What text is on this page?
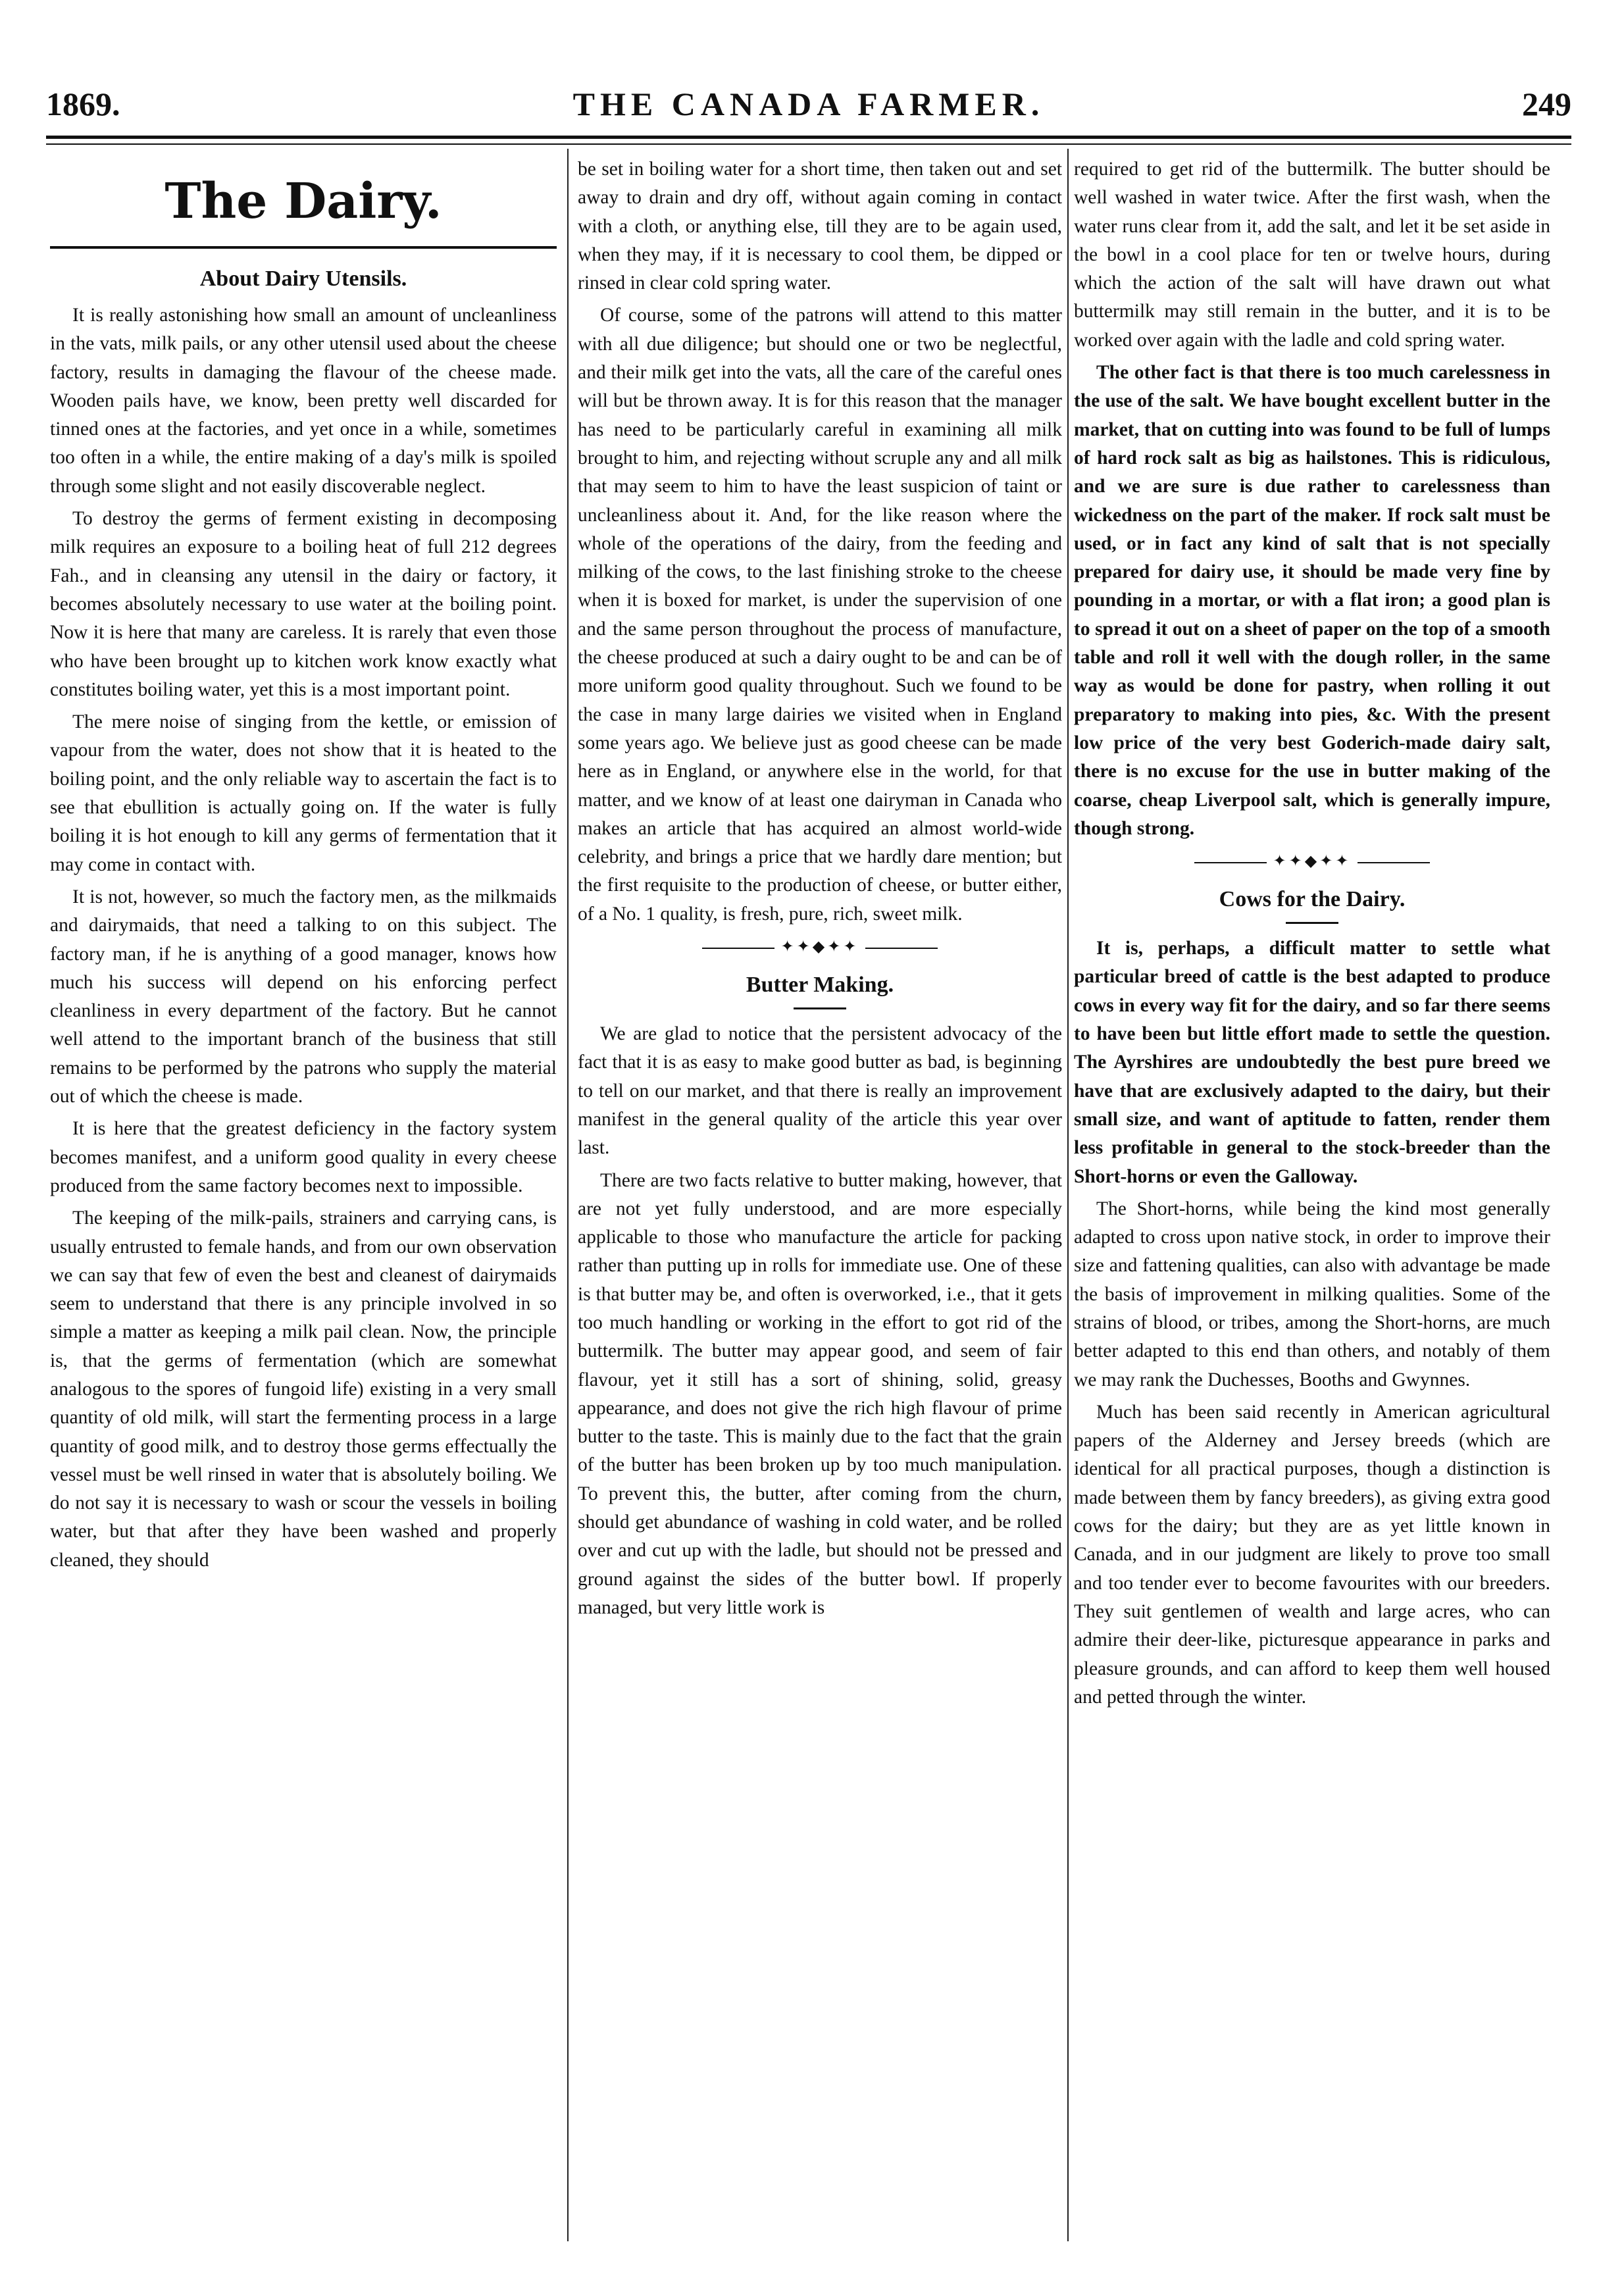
1869.	THE CANADA FARMER.	249
The Dairy.
About Dairy Utensils.

It is really astonishing how small an amount of uncleanliness in the vats, milk pails, or any other utensil used about the cheese factory, results in damaging the flavour of the cheese made. Wooden pails have, we know, been pretty well discarded for tinned ones at the factories, and yet once in a while, sometimes too often in a while, the entire making of a day's milk is spoiled through some slight and not easily discoverable neglect.

To destroy the germs of ferment existing in decomposing milk requires an exposure to a boiling heat of full 212 degrees Fah., and in cleansing any utensil in the dairy or factory, it becomes absolutely necessary to use water at the boiling point. Now it is here that many are careless. It is rarely that even those who have been brought up to kitchen work know exactly what constitutes boiling water, yet this is a most important point.

The mere noise of singing from the kettle, or emission of vapour from the water, does not show that it is heated to the boiling point, and the only reliable way to ascertain the fact is to see that ebullition is actually going on. If the water is fully boiling it is hot enough to kill any germs of fermentation that it may come in contact with.

It is not, however, so much the factory men, as the milkmaids and dairymaids, that need a talking to on this subject. The factory man, if he is anything of a good manager, knows how much his success will depend on his enforcing perfect cleanliness in every department of the factory. But he cannot well attend to the important branch of the business that still remains to be performed by the patrons who supply the material out of which the cheese is made.

It is here that the greatest deficiency in the factory system becomes manifest, and a uniform good quality in every cheese produced from the same factory becomes next to impossible.

The keeping of the milk-pails, strainers and carrying cans, is usually entrusted to female hands, and from our own observation we can say that few of even the best and cleanest of dairymaids seem to understand that there is any principle involved in so simple a matter as keeping a milk pail clean. Now, the principle is, that the germs of fermentation (which are somewhat analogous to the spores of fungoid life) existing in a very small quantity of old milk, will start the fermenting process in a large quantity of good milk, and to destroy those germs effectually the vessel must be well rinsed in water that is absolutely boiling. We do not say it is necessary to wash or scour the vessels in boiling water, but that after they have been washed and properly cleaned, they should

be set in boiling water for a short time, then taken out and set away to drain and dry off, without again coming in contact with a cloth, or anything else, till they are to be again used, when they may, if it is necessary to cool them, be dipped or rinsed in clear cold spring water.

Of course, some of the patrons will attend to this matter with all due diligence; but should one or two be neglectful, and their milk get into the vats, all the care of the careful ones will but be thrown away. It is for this reason that the manager has need to be particularly careful in examining all milk brought to him, and rejecting without scruple any and all milk that may seem to him to have the least suspicion of taint or uncleanliness about it. And, for the like reason where the whole of the operations of the dairy, from the feeding and milking of the cows, to the last finishing stroke to the cheese when it is boxed for market, is under the supervision of one and the same person throughout the process of manufacture, the cheese produced at such a dairy ought to be and can be of more uniform good quality throughout. Such we found to be the case in many large dairies we visited when in England some years ago. We believe just as good cheese can be made here as in England, or anywhere else in the world, for that matter, and we know of at least one dairyman in Canada who makes an article that has acquired an almost world-wide celebrity, and brings a price that we hardly dare mention; but the first requisite to the production of cheese, or butter either, of a No. 1 quality, is fresh, pure, rich, sweet milk.

✦✦◆✦✦
Butter Making.

We are glad to notice that the persistent advocacy of the fact that it is as easy to make good butter as bad, is beginning to tell on our market, and that there is really an improvement manifest in the general quality of the article this year over last.

There are two facts relative to butter making, however, that are not yet fully understood, and are more especially applicable to those who manufacture the article for packing rather than putting up in rolls for immediate use. One of these is that butter may be, and often is overworked, i.e., that it gets too much handling or working in the effort to got rid of the buttermilk. The butter may appear good, and seem of fair flavour, yet it still has a sort of shining, solid, greasy appearance, and does not give the rich high flavour of prime butter to the taste. This is mainly due to the fact that the grain of the butter has been broken up by too much manipulation. To prevent this, the butter, after coming from the churn, should get abundance of washing in cold water, and be rolled over and cut up with the ladle, but should not be pressed and ground against the sides of the butter bowl. If properly managed, but very little work is

required to get rid of the buttermilk. The butter should be well washed in water twice. After the first wash, when the water runs clear from it, add the salt, and let it be set aside in the bowl in a cool place for ten or twelve hours, during which the action of the salt will have drawn out what buttermilk may still remain in the butter, and it is to be worked over again with the ladle and cold spring water.

The other fact is that there is too much carelessness in the use of the salt. We have bought excellent butter in the market, that on cutting into was found to be full of lumps of hard rock salt as big as hailstones. This is ridiculous, and we are sure is due rather to carelessness than wickedness on the part of the maker. If rock salt must be used, or in fact any kind of salt that is not specially prepared for dairy use, it should be made very fine by pounding in a mortar, or with a flat iron; a good plan is to spread it out on a sheet of paper on the top of a smooth table and roll it well with the dough roller, in the same way as would be done for pastry, when rolling it out preparatory to making into pies, &c. With the present low price of the very best Goderich-made dairy salt, there is no excuse for the use in butter making of the coarse, cheap Liverpool salt, which is generally impure, though strong.

✦✦◆✦✦
Cows for the Dairy.

It is, perhaps, a difficult matter to settle what particular breed of cattle is the best adapted to produce cows in every way fit for the dairy, and so far there seems to have been but little effort made to settle the question. The Ayrshires are undoubtedly the best pure breed we have that are exclusively adapted to the dairy, but their small size, and want of aptitude to fatten, render them less profitable in general to the stock-breeder than the Short-horns or even the Galloway.

The Short-horns, while being the kind most generally adapted to cross upon native stock, in order to improve their size and fattening qualities, can also with advantage be made the basis of improvement in milking qualities. Some of the strains of blood, or tribes, among the Short-horns, are much better adapted to this end than others, and notably of them we may rank the Duchesses, Booths and Gwynnes.

Much has been said recently in American agricultural papers of the Alderney and Jersey breeds (which are identical for all practical purposes, though a distinction is made between them by fancy breeders), as giving extra good cows for the dairy; but they are as yet little known in Canada, and in our judgment are likely to prove too small and too tender ever to become favourites with our breeders. They suit gentlemen of wealth and large acres, who can admire their deer-like, picturesque appearance in parks and pleasure grounds, and can afford to keep them well housed and petted through the winter.
